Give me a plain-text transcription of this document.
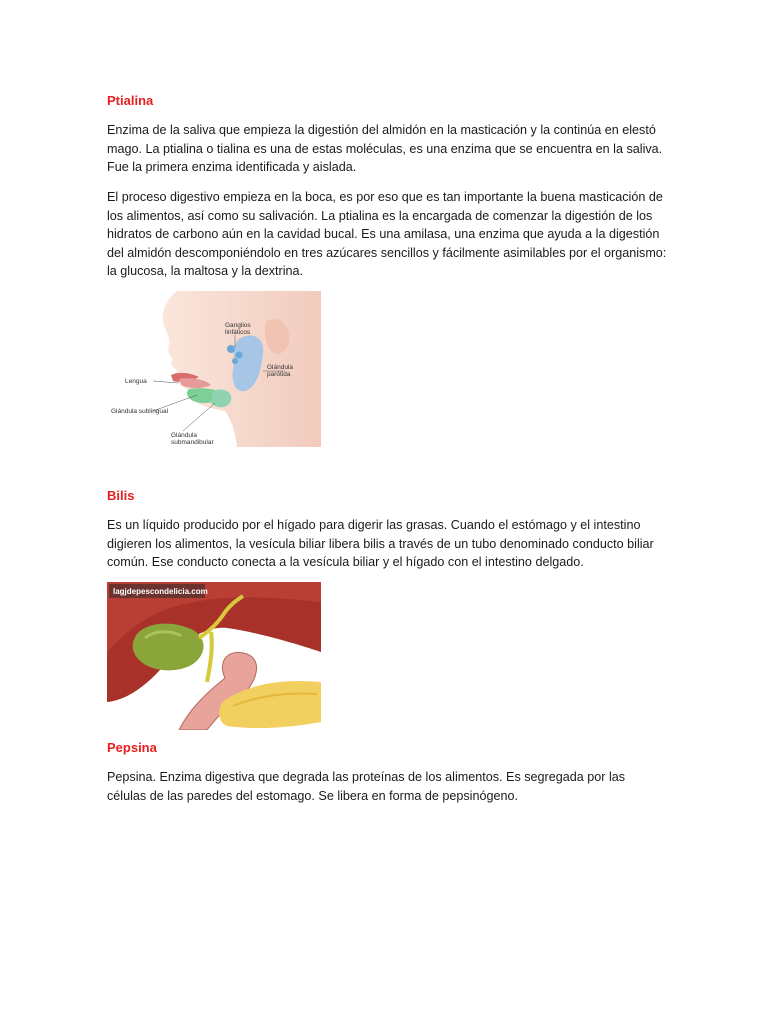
Ptialina

Enzima de la saliva que empieza la digestión del almidón en la masticación y la continúa en elestó mago. La ptialina o tialina es una de estas moléculas, es una enzima que se encuentra en la saliva. Fue la primera enzima identificada y aislada.

El proceso digestivo empieza en la boca, es por eso que es tan importante la buena masticación de los alimentos, así como su salivación. La ptialina es la encargada de comenzar la digestión de los hidratos de carbono aún en la cavidad bucal. Es una amilasa, una enzima que ayuda a la digestión del almidón descomponiéndolo en tres azúcares sencillos y fácilmente asimilables por el organismo: la glucosa, la maltosa y la dextrina.

Ganglios
linfáticos
Glándula
parótida
Lengua
Glándula sublingual
Glándula
submandibular
Bilis

Es un líquido producido por el hígado para digerir las grasas. Cuando el estómago y el intestino digieren los alimentos, la vesícula biliar libera bilis a través de un tubo denominado conducto biliar común. Ese conducto conecta a la vesícula biliar y el hígado con el intestino delgado.

lagjdepescondelicia.com
Pepsina

Pepsina. Enzima digestiva que degrada las proteínas de los alimentos. Es segregada por las células de las paredes del estomago. Se libera en forma de pepsinógeno.
